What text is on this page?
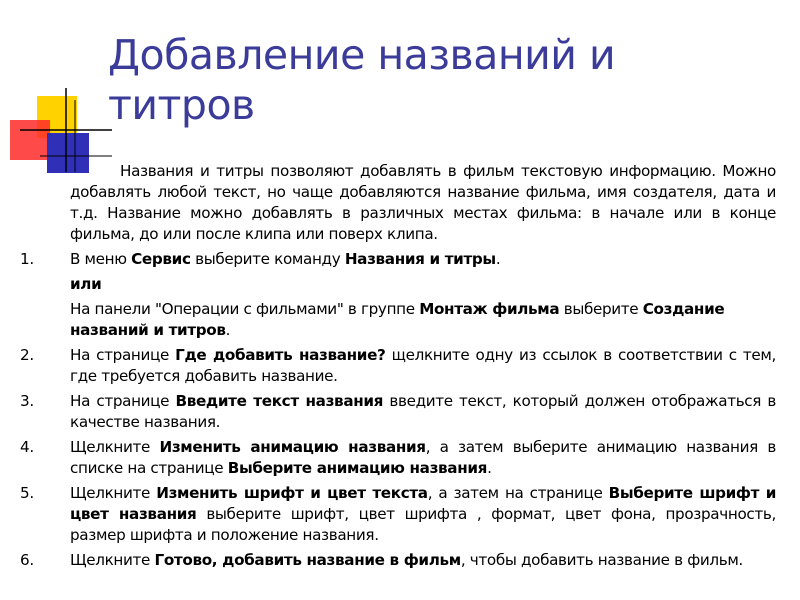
Добавление названий и
титров

Названия и титры позволяют добавлять в фильм текстовую информацию. Можно добавлять любой текст, но чаще добавляются название фильма, имя создателя, дата и т.д. Название можно добавлять в различных местах фильма: в начале или в конце фильма, до или после клипа или поверх клипа.

1.	В меню Сервис выберите команду Названия и титры.
или
На панели "Операции с фильмами" в группе Монтаж фильма выберите Создание названий и титров.
2.	На странице Где добавить название? щелкните одну из ссылок в соответствии с тем, где требуется добавить название.
3.	На странице Введите текст названия введите текст, который должен отображаться в качестве названия.
4.	Щелкните Изменить анимацию названия, а затем выберите анимацию названия в списке на странице Выберите анимацию названия.
5.	Щелкните Изменить шрифт и цвет текста, а затем на странице Выберите шрифт и цвет названия выберите шрифт, цвет шрифта , формат, цвет фона, прозрачность, размер шрифта и положение названия.
6.	Щелкните Готово, добавить название в фильм, чтобы добавить название в фильм.
